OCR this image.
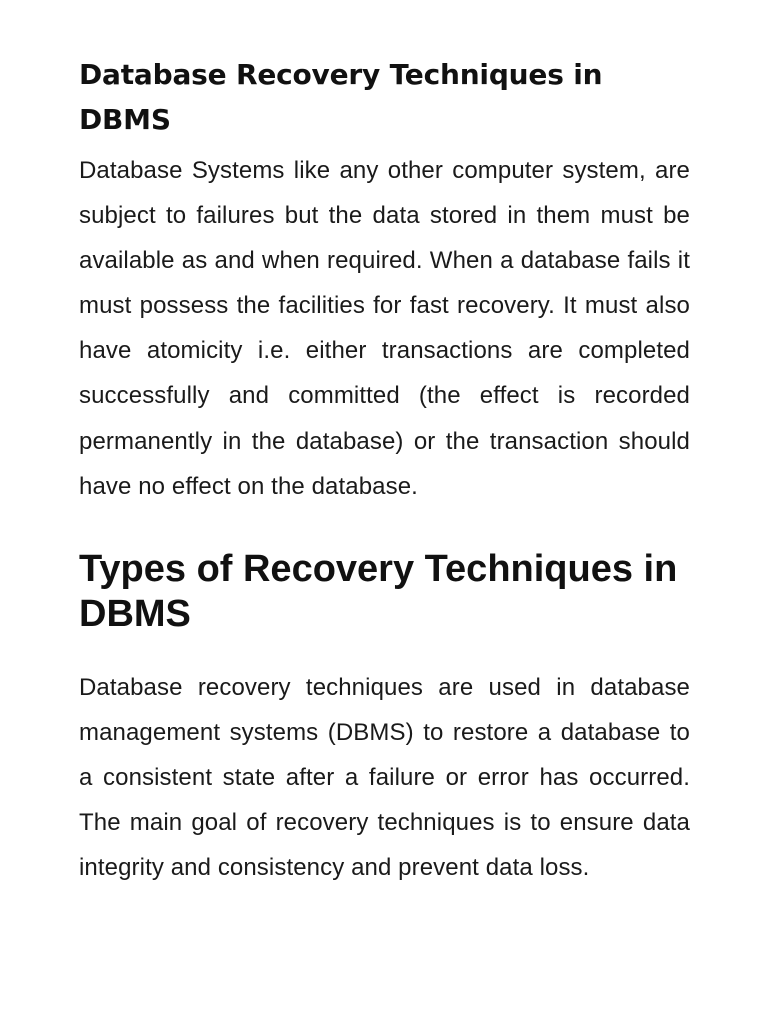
Database Recovery Techniques in DBMS

Database Systems like any other computer system, are subject to failures but the data stored in them must be available as and when required. When a database fails it must possess the facilities for fast recovery. It must also have atomicity i.e. either transactions are completed successfully and committed (the effect is recorded permanently in the database) or the transaction should have no effect on the database.

Types of Recovery Techniques in DBMS

Database recovery techniques are used in database management systems (DBMS) to restore a database to a consistent state after a failure or error has occurred. The main goal of recovery techniques is to ensure data integrity and consistency and prevent data loss.
